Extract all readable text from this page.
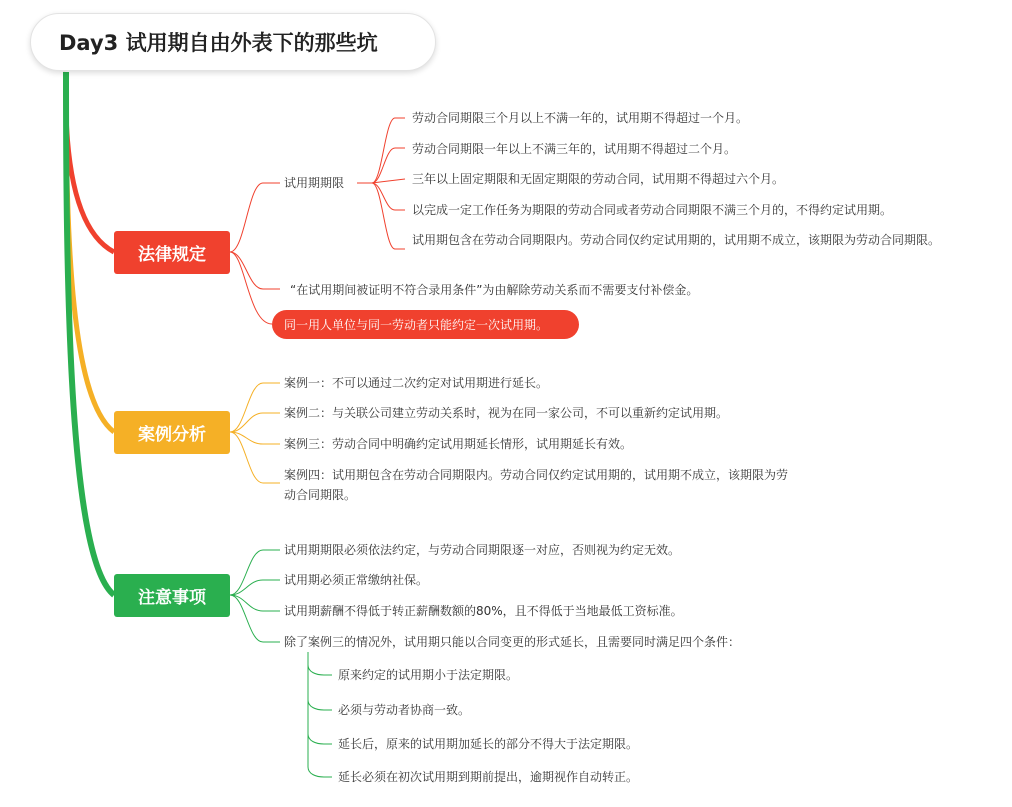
Day3 试用期自由外表下的那些坑
法律规定
试用期期限
劳动合同期限三个月以上不满一年的，试用期不得超过一个月。
劳动合同期限一年以上不满三年的，试用期不得超过二个月。
三年以上固定期限和无固定期限的劳动合同，试用期不得超过六个月。
以完成一定工作任务为期限的劳动合同或者劳动合同期限不满三个月的，不得约定试用期。
试用期包含在劳动合同期限内。劳动合同仅约定试用期的，试用期不成立，该期限为劳动合同期限。
“在试用期间被证明不符合录用条件”为由解除劳动关系而不需要支付补偿金。
同一用人单位与同一劳动者只能约定一次试用期。
案例分析
案例一：不可以通过二次约定对试用期进行延长。
案例二：与关联公司建立劳动关系时，视为在同一家公司，不可以重新约定试用期。
案例三：劳动合同中明确约定试用期延长情形，试用期延长有效。
案例四：试用期包含在劳动合同期限内。劳动合同仅约定试用期的，试用期不成立，该期限为劳动合同期限。
注意事项
试用期期限必须依法约定，与劳动合同期限逐一对应，否则视为约定无效。
试用期必须正常缴纳社保。
试用期薪酬不得低于转正薪酬数额的80%，且不得低于当地最低工资标准。
除了案例三的情况外，试用期只能以合同变更的形式延长，且需要同时满足四个条件：
原来约定的试用期小于法定期限。
必须与劳动者协商一致。
延长后，原来的试用期加延长的部分不得大于法定期限。
延长必须在初次试用期到期前提出，逾期视作自动转正。
